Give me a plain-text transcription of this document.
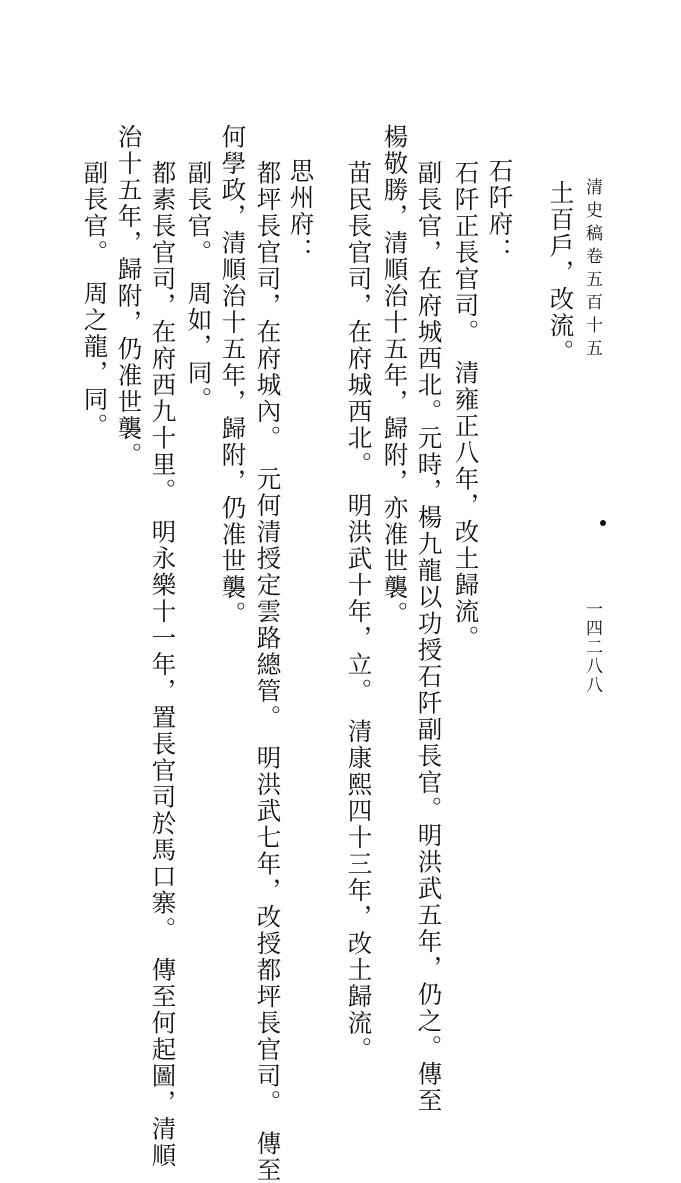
清史稿卷五百十五
一四二八八
土百戶，改流。
石阡府：
石阡正長官司。　清雍正八年，改土歸流。
副長官，在府城西北。元時，楊九龍以功授石阡副長官。明洪武五年，仍之。傳至
楊敬勝，清順治十五年，歸附，亦准世襲。
苗民長官司，在府城西北。　明洪武十年，立。　清康熙四十三年，改土歸流。
思州府：
都坪長官司，在府城內。　元何清授定雲路總管。　明洪武七年，改授都坪長官司。　傳至
何學政，清順治十五年，歸附，仍准世襲。
副長官。　周如，同。
都素長官司，在府西九十里。　明永樂十一年，置長官司於馬口寨。　傳至何起圖，清順
治十五年，歸附，仍准世襲。
副長官。　周之龍，同。
